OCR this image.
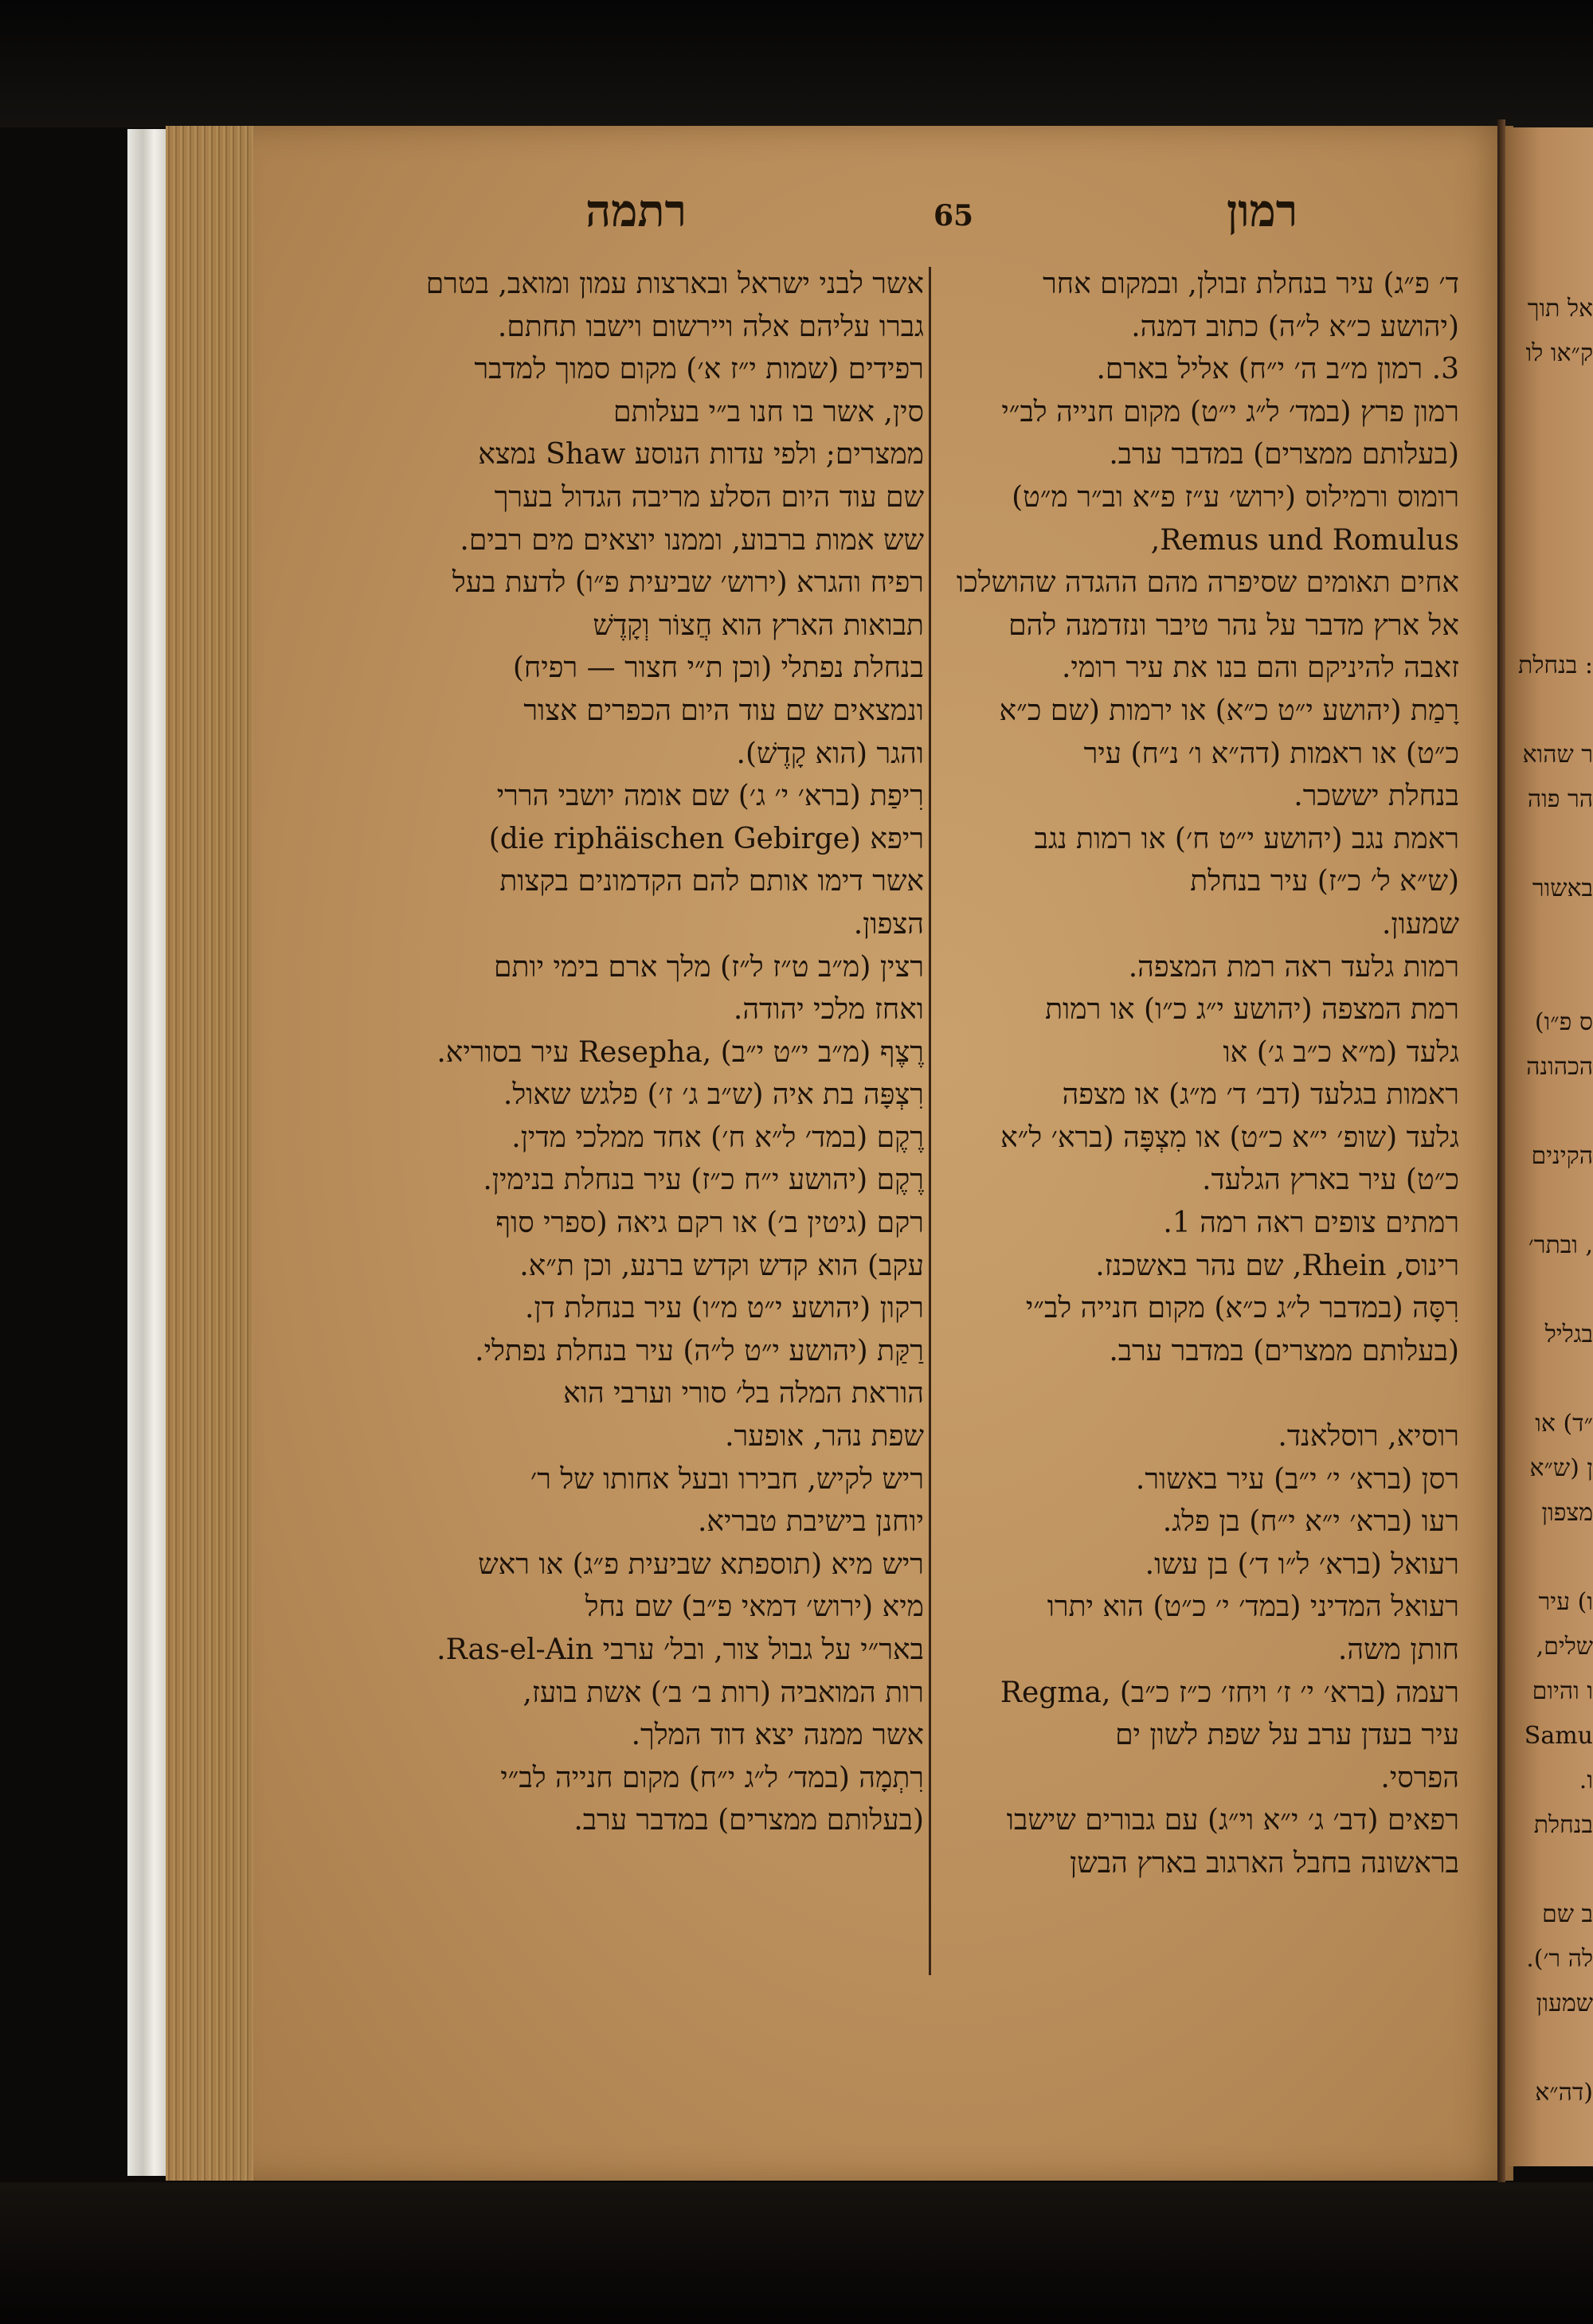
רמון
65
רתמה
ד׳ פ״ג) עיר בנחלת זבולן, ובמקום אחר
(יהושע כ״א ל״ה) כתוב דמנה.
3. רמון מ״ב ה׳ י״ח) אליל בארם.
רמון פרץ (במד׳ ל״ג י״ט) מקום חנייה לב״י
(בעלותם ממצרים) במדבר ערב.
רומוס ורמילוס (ירוש׳ ע״ז פ״א וב״ר מ״ט)
Remus und Romulus,
אחים תאומים שסיפרה מהם ההגדה שהושלכו
אל ארץ מדבר על נהר טיבר ונזדמנה להם
זאבה להיניקם והם בנו את עיר רומי.
רָמַת (יהושע י״ט כ״א) או ירמות (שם כ״א
כ״ט) או ראמות (דה״א ו׳ נ״ח) עיר
בנחלת יששכר.
ראמת נגב (יהושע י״ט ח׳) או רמות נגב
(ש״א ל׳ כ״ז) עיר בנחלת
שמעון.
רמות גלעד ראה רמת המצפה.
רמת המצפה (יהושע י״ג כ״ו) או רמות
גלעד (מ״א כ״ב ג׳) או
ראמות בגלעד (דב׳ ד׳ מ״ג) או מצפה
גלעד (שופ׳ י״א כ״ט) או מִצְפָּה (ברא׳ ל״א
כ״ט) עיר בארץ הגלעד.
רמתים צופים ראה רמה 1.
רינוס, Rhein, שם נהר באשכנז.
רִסָּה (במדבר ל״ג כ״א) מקום חנייה לב״י
(בעלותם ממצרים) במדבר ערב.
רוסיא, רוסלאנד.
רסן (ברא׳ י׳ י״ב) עיר באשור.
רעו (ברא׳ י״א י״ח) בן פלג.
רעואל (ברא׳ ל״ו ד׳) בן עשו.
רעואל המדיני (במד׳ י׳ כ״ט) הוא יתרו
חותן משה.
רעמה (ברא׳ י׳ ז׳ ויחז׳ כ״ז כ״ב) ,Regma
עיר בעדן ערב על שפת לשון ים
הפרסי.
רפאים (דב׳ ג׳ י״א וי״ג) עם גבורים שישבו
בראשונה בחבל הארגוב בארץ הבשן
אשר לבני ישראל ובארצות עמון ומואב, בטרם
גברו עליהם אלה ויירשום וישבו תחתם.
רפידים (שמות י״ז א׳) מקום סמוך למדבר
סין, אשר בו חנו ב״י בעלותם
ממצרים; ולפי עדות הנוסע Shaw נמצא
שם עוד היום הסלע מריבה הגדול בערך
שש אמות ברבוע, וממנו יוצאים מים רבים.
רפיח והגרא (ירוש׳ שביעית פ״ו) לדעת בעל
תבואות הארץ הוא חֲצוֹר וְקָדֶשׁ
בנחלת נפתלי (וכן ת״י חצור — רפיח)
ונמצאים שם עוד היום הכפרים אצור
והגר (הוא קָדֶשׁ).
רִיפַת (ברא׳ י׳ ג׳) שם אומה יושבי הררי
ריפא (die riphäischen Gebirge)
אשר דימו אותם להם הקדמונים בקצות
הצפון.
רצין (מ״ב ט״ז ל״ז) מלך ארם בימי יותם
ואחז מלכי יהודה.
רֶצֶף (מ״ב י״ט י״ב) ,Resepha עיר בסוריא.
רִצְפָּה בת איה (ש״ב ג׳ ז׳) פלגש שאול.
רֶקֶם (במד׳ ל״א ח׳) אחד ממלכי מדין.
רֶקֶם (יהושע י״ח כ״ז) עיר בנחלת בנימין.
רקם (גיטין ב׳) או רקם גיאה (ספרי סוף
עקב) הוא קדש וקדש ברנע, וכן ת״א.
רקון (יהושע י״ט מ״ו) עיר בנחלת דן.
רַקַּת (יהושע י״ט ל״ה) עיר בנחלת נפתלי.
הוראת המלה בל׳ סורי וערבי הוא
שפת נהר, אופער.
ריש לקיש, חבירו ובעל אחותו של ר׳
יוחנן בישיבת טבריא.
ריש מיא (תוספתא שביעית פ״ג) או ראש
מיא (ירוש׳ דמאי פ״ב) שם נחל
באר״י על גבול צור, ובל׳ ערבי Ras-el-Ain.
רות המואביה (רות ב׳ ב׳) אשת בועז,
אשר ממנה יצא דוד המלך.
רִתְמָה (במד׳ ל״ג י״ח) מקום חנייה לב״י
(בעלותם ממצרים) במדבר ערב.
אל תוך
ק״או לו
: בנחלת
ר שהוא
הר פוה
באשור
ס פ״ו)
הכהונה
הקינים
, ובתר׳
בגליל
״ד) או
ן (ש״א
מצפון
ו) עיר
שלים,
ו והיום
Samu
ו.
בנחלת
ב שם
לה ר׳).
שמעון
(דה״א
